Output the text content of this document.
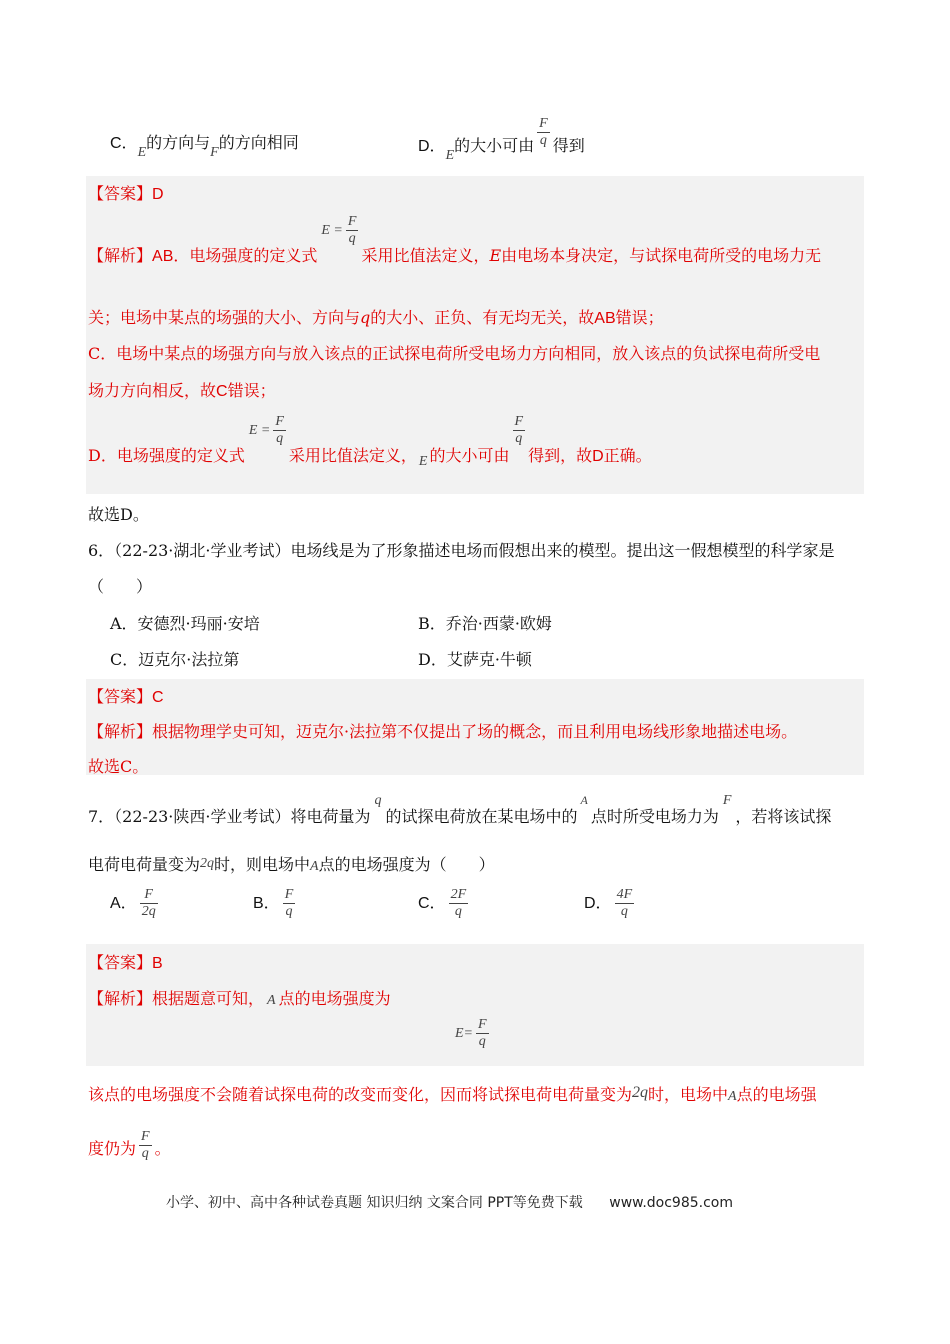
C．E的方向与F的方向相同	D．E的大小可由 $\frac{F}{q}$ 得到
【答案】D
【解析】AB．电场强度的定义式$E = \frac{F}{q}$
采用比值法定义，E由电场本身决定，与试探电荷所受的电场力无
关；电场中某点的场强的大小、方向与q的大小、正负、有无均无关，故AB错误；
C．电场中某点的场强方向与放入该点的正试探电荷所受电场力方向相同，放入该点的负试探电荷所受电
场力方向相反，故C错误；
D．电场强度的定义式$E = \frac{F}{q}$
采用比值法定义， E 的大小可由
$\frac{F}{q}$
得到，故D正确。
故选D。
6．（22-23·湖北·学业考试）电场线是为了形象描述电场而假想出来的模型。提出这一假想模型的科学家是
（　　）
A．安德烈·玛丽·安培	B．乔治·西蒙·欧姆
C．迈克尔·法拉第	D．艾萨克·牛顿
【答案】C
【解析】根据物理学史可知，迈克尔·法拉第不仅提出了场的概念，而且利用电场线形象地描述电场。
故选C。
7．（22-23·陕西·学业考试）将电荷量为q的试探电荷放在某电场中的A点时所受电场力为F，若将该试探
电荷电荷量变为2q时，则电场中A点的电场强度为（　　）
A． $\frac{F}{2q}$	B． $\frac{F}{q}$	C． $\frac{2F}{q}$	D． $\frac{4F}{q}$
【答案】B
【解析】根据题意可知， A 点的电场强度为
$E= \frac{F}{q}$
该点的电场强度不会随着试探电荷的改变而变化，因而将试探电荷电荷量变为2q时，电场中A点的电场强
度仍为 $\frac{F}{q}$ 。
小学、初中、高中各种试卷真题 知识归纳 文案合同 PPT等免费下载 www.doc985.com
